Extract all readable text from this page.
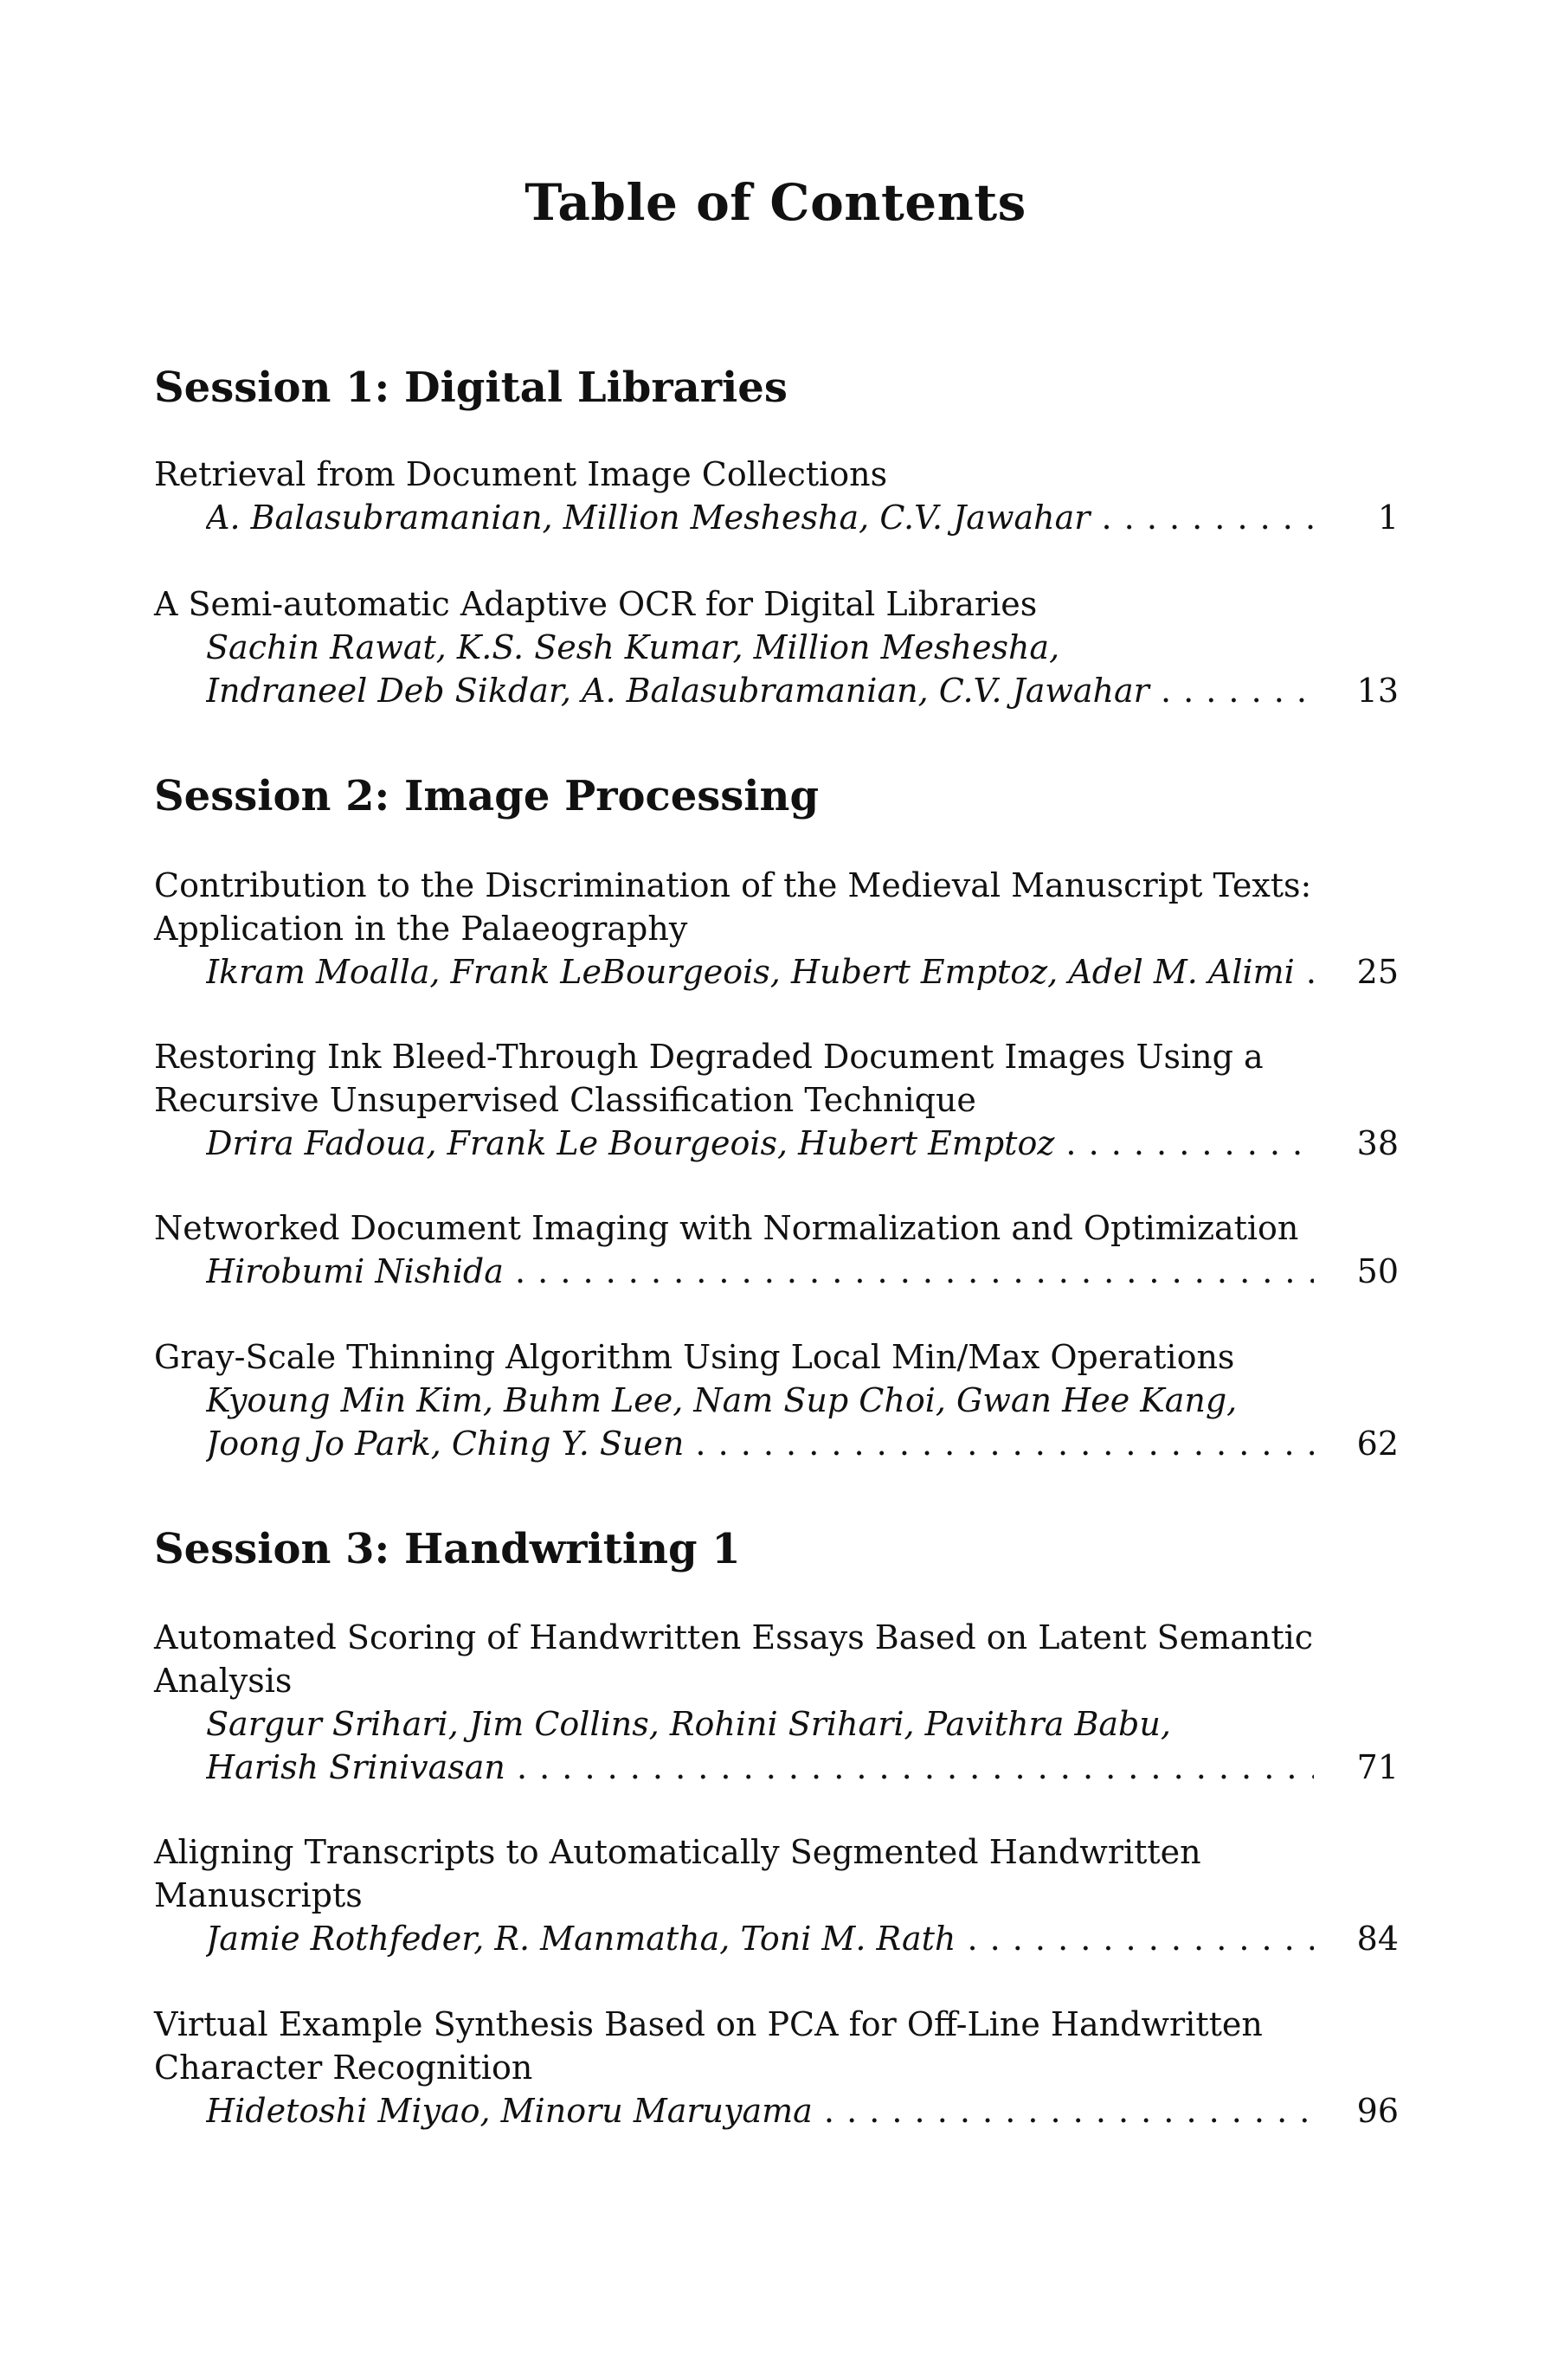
Table of Contents
Session 1: Digital Libraries
Retrieval from Document Image Collections
A. Balasubramanian, Million Meshesha, C.V. Jawahar . . .	1
A Semi-automatic Adaptive OCR for Digital Libraries
Sachin Rawat, K.S. Sesh Kumar, Million Meshesha,
Indraneel Deb Sikdar, A. Balasubramanian, C.V. Jawahar . . .	13
Session 2: Image Processing
Contribution to the Discrimination of the Medieval Manuscript Texts:
Application in the Palaeography
Ikram Moalla, Frank LeBourgeois, Hubert Emptoz, Adel M. Alimi . . .	25
Restoring Ink Bleed-Through Degraded Document Images Using a
Recursive Unsupervised Classification Technique
Drira Fadoua, Frank Le Bourgeois, Hubert Emptoz . . .	38
Networked Document Imaging with Normalization and Optimization
Hirobumi Nishida . . .	50
Gray-Scale Thinning Algorithm Using Local Min/Max Operations
Kyoung Min Kim, Buhm Lee, Nam Sup Choi, Gwan Hee Kang,
Joong Jo Park, Ching Y. Suen . . .	62
Session 3: Handwriting 1
Automated Scoring of Handwritten Essays Based on Latent Semantic
Analysis
Sargur Srihari, Jim Collins, Rohini Srihari, Pavithra Babu,
Harish Srinivasan . . .	71
Aligning Transcripts to Automatically Segmented Handwritten
Manuscripts
Jamie Rothfeder, R. Manmatha, Toni M. Rath . . .	84
Virtual Example Synthesis Based on PCA for Off-Line Handwritten
Character Recognition
Hidetoshi Miyao, Minoru Maruyama . . .	96
